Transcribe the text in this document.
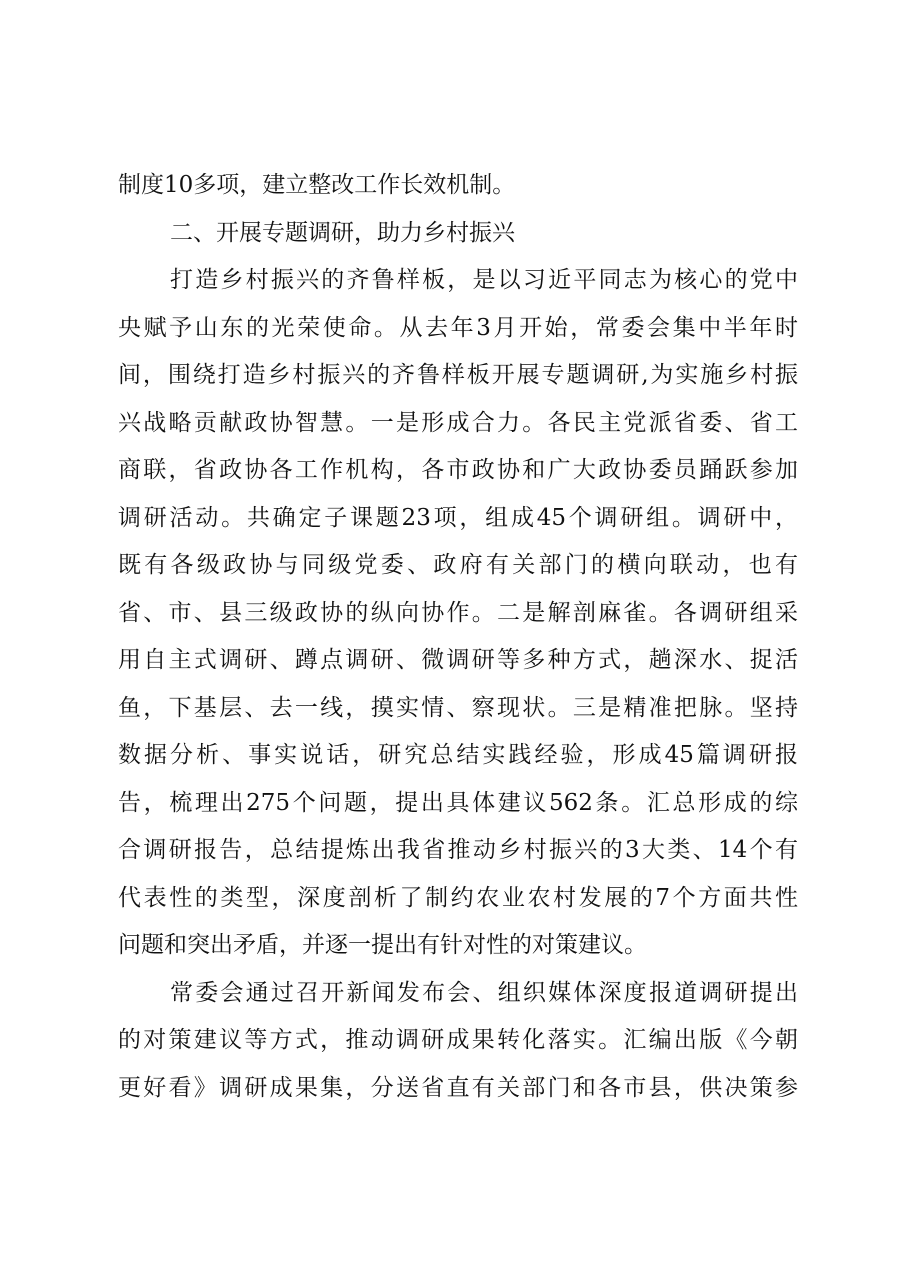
制度10多项，建立整改工作长效机制。
二、开展专题调研，助力乡村振兴
打造乡村振兴的齐鲁样板，是以习近平同志为核心的党中
央赋予山东的光荣使命。从去年3月开始，常委会集中半年时
间，围绕打造乡村振兴的齐鲁样板开展专题调研,为实施乡村振
兴战略贡献政协智慧。一是形成合力。各民主党派省委、省工
商联，省政协各工作机构，各市政协和广大政协委员踊跃参加
调研活动。共确定子课题23项，组成45个调研组。调研中，
既有各级政协与同级党委、政府有关部门的横向联动，也有
省、市、县三级政协的纵向协作。二是解剖麻雀。各调研组采
用自主式调研、蹲点调研、微调研等多种方式，趟深水、捉活
鱼，下基层、去一线，摸实情、察现状。三是精准把脉。坚持
数据分析、事实说话，研究总结实践经验，形成45篇调研报
告，梳理出275个问题，提出具体建议562条。汇总形成的综
合调研报告，总结提炼出我省推动乡村振兴的3大类、14个有
代表性的类型，深度剖析了制约农业农村发展的7个方面共性
问题和突出矛盾，并逐一提出有针对性的对策建议。
常委会通过召开新闻发布会、组织媒体深度报道调研提出
的对策建议等方式，推动调研成果转化落实。汇编出版《今朝
更好看》调研成果集，分送省直有关部门和各市县，供决策参
